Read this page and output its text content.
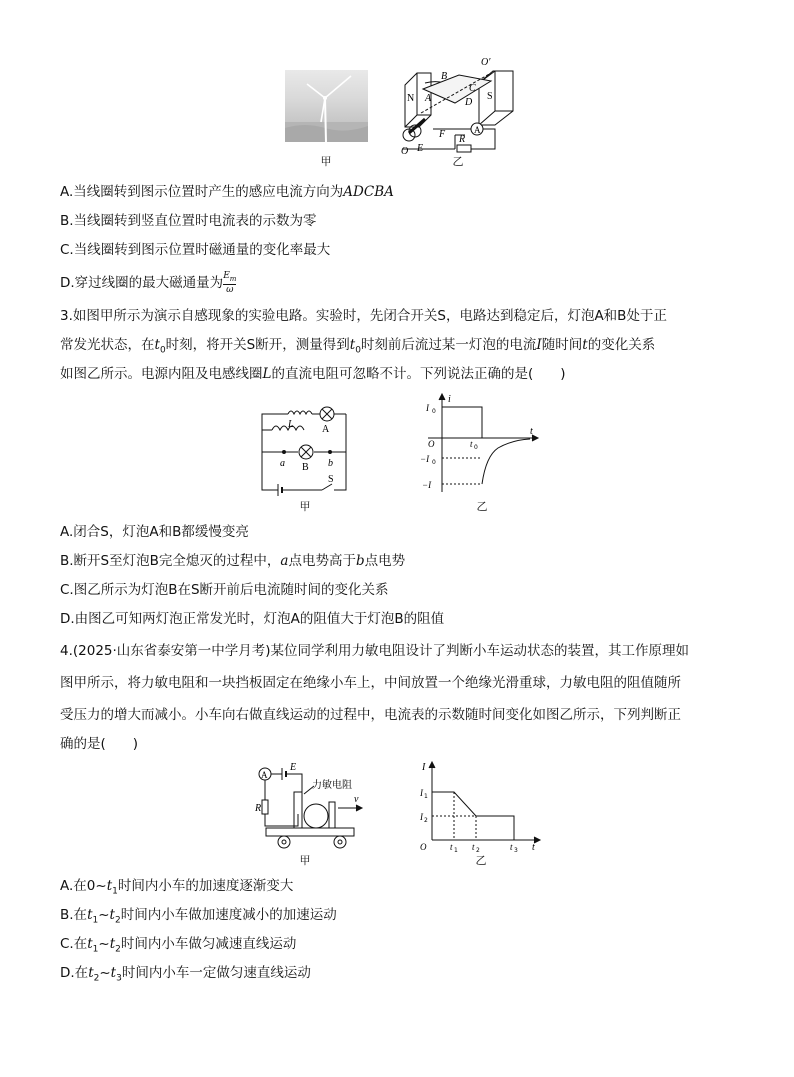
甲
N	S
A
B
C
D
O′
O E
F R
A
乙
A.当线圈转到图示位置时产生的感应电流方向为ADCBA
B.当线圈转到竖直位置时电流表的示数为零
C.当线圈转到图示位置时磁通量的变化率最大
D.穿过线圈的最大磁通量为 $\frac{E_m}{\omega}$
3.如图甲所示为演示自感现象的实验电路。实验时，先闭合开关S，电路达到稳定后，灯泡A和B处于正
常发光状态，在$t_0$时刻，将开关S断开，测量得到$t_0$时刻前后流过某一灯泡的电流I随时间t的变化关系
如图乙所示。电源内阻及电感线圈L的直流电阻可忽略不计。下列说法正确的是(　　)
L	A
B
a	b
S
甲
i
I 0
O	t 0
t
−I 0
−I
乙
A.闭合S，灯泡A和B都缓慢变亮
B.断开S至灯泡B完全熄灭的过程中，a点电势高于b点电势
C.图乙所示为灯泡B在S断开前后电流随时间的变化关系
D.由图乙可知两灯泡正常发光时，灯泡A的阻值大于灯泡B的阻值
4.(2025·山东省泰安第一中学月考)某位同学利用力敏电阻设计了判断小车运动状态的装置，其工作原理如
图甲所示，将力敏电阻和一块挡板固定在绝缘小车上，中间放置一个绝缘光滑重球，力敏电阻的阻值随所
受压力的增大而减小。小车向右做直线运动的过程中，电流表的示数随时间变化如图乙所示，下列判断正
确的是(　　)
A
E
R
力敏电阻
v
甲
I
I 1
I 2
O	t 1 t 2	t 3 t
乙
A.在$0\sim t_1$时间内小车的加速度逐渐变大
B.在$t_1\sim t_2$时间内小车做加速度减小的加速运动
C.在$t_1\sim t_2$时间内小车做匀减速直线运动
D.在$t_2\sim t_3$时间内小车一定做匀速直线运动
